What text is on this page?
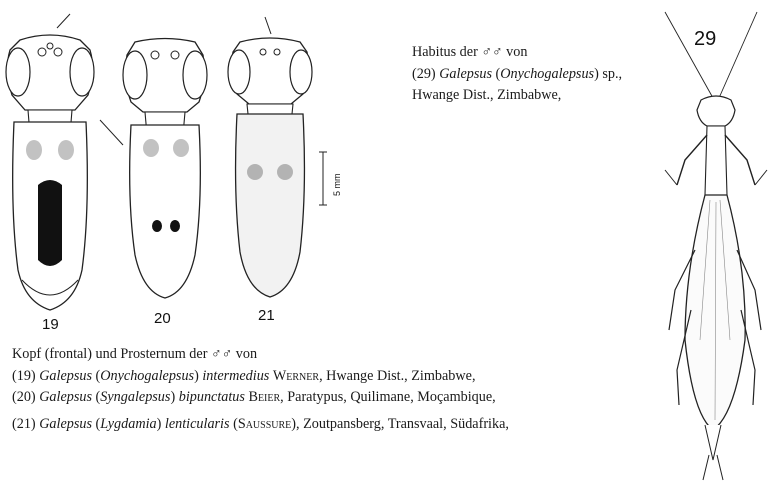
19	20	21
5 mm
Habitus der ♂♂ von
(29) Galepsus (Onychogalepsus) sp.,
Hwange Dist., Zimbabwe,
29
Kopf (frontal) und Prosternum der ♂♂ von
(19) Galepsus (Onychogalepsus) intermedius Werner, Hwange Dist., Zimbabwe,
(20) Galepsus (Syngalepsus) bipunctatus Beier, Paratypus, Quilimane, Moçambique,
(21) Galepsus (Lygdamia) lenticularis (Saussure), Zoutpansberg, Transvaal, Südafrika,
